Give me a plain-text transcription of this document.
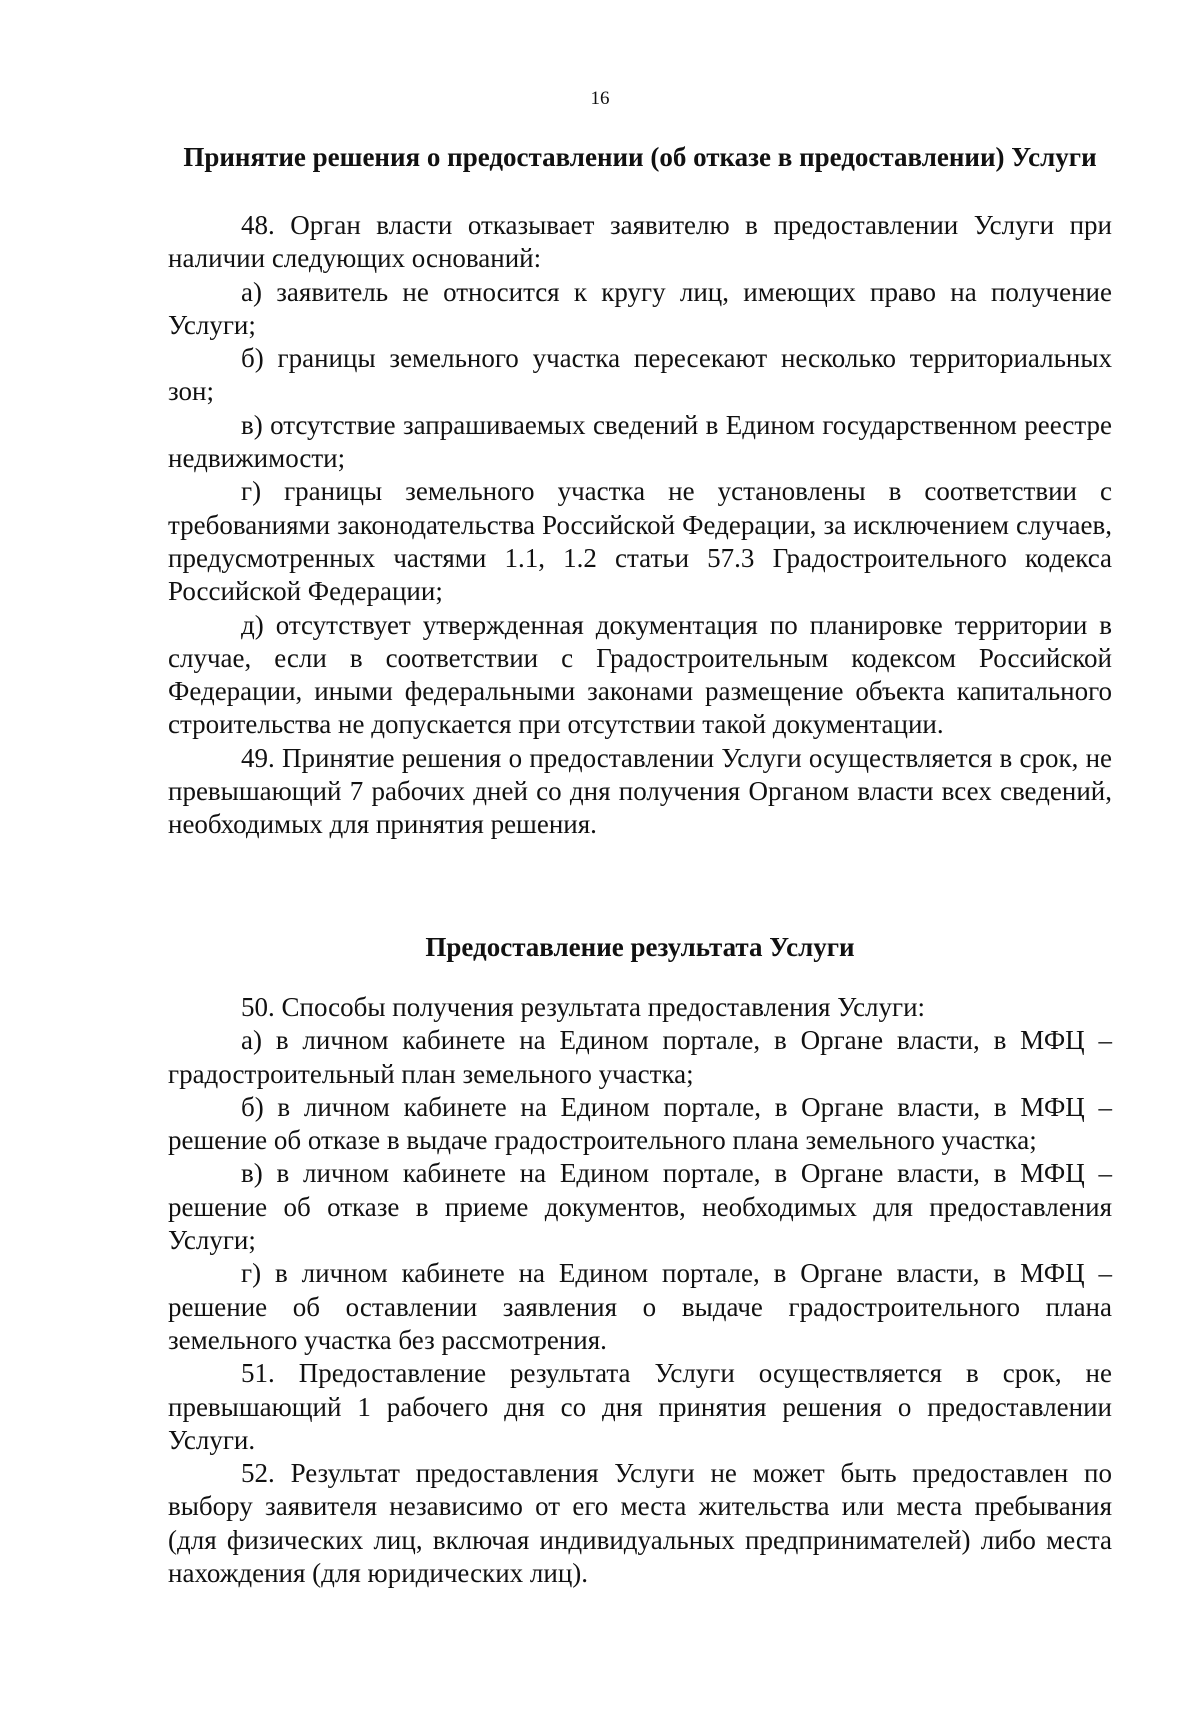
16
Принятие решения о предоставлении (об отказе в предоставлении) Услуги

48. Орган власти отказывает заявителю в предоставлении Услуги при наличии следующих оснований:

а) заявитель не относится к кругу лиц, имеющих право на получение Услуги;

б) границы земельного участка пересекают несколько территориальных зон;

в) отсутствие запрашиваемых сведений в Едином государственном реестре недвижимости;

г) границы земельного участка не установлены в соответствии с требованиями законодательства Российской Федерации, за исключением случаев, предусмотренных частями 1.1, 1.2 статьи 57.3 Градостроительного кодекса Российской Федерации;

д) отсутствует утвержденная документация по планировке территории в случае, если в соответствии с Градостроительным кодексом Российской Федерации, иными федеральными законами размещение объекта капитального строительства не допускается при отсутствии такой документации.

49. Принятие решения о предоставлении Услуги осуществляется в срок, не превышающий 7 рабочих дней со дня получения Органом власти всех сведений, необходимых для принятия решения.

Предоставление результата Услуги

50. Способы получения результата предоставления Услуги:

а) в личном кабинете на Едином портале, в Органе власти, в МФЦ – градостроительный план земельного участка;

б) в личном кабинете на Едином портале, в Органе власти, в МФЦ – решение об отказе в выдаче градостроительного плана земельного участка;

в) в личном кабинете на Едином портале, в Органе власти, в МФЦ – решение об отказе в приеме документов, необходимых для предоставления Услуги;

г) в личном кабинете на Едином портале, в Органе власти, в МФЦ – решение об оставлении заявления о выдаче градостроительного плана земельного участка без рассмотрения.

51. Предоставление результата Услуги осуществляется в срок, не превышающий 1 рабочего дня со дня принятия решения о предоставлении Услуги.

52. Результат предоставления Услуги не может быть предоставлен по выбору заявителя независимо от его места жительства или места пребывания (для физических лиц, включая индивидуальных предпринимателей) либо места нахождения (для юридических лиц).
